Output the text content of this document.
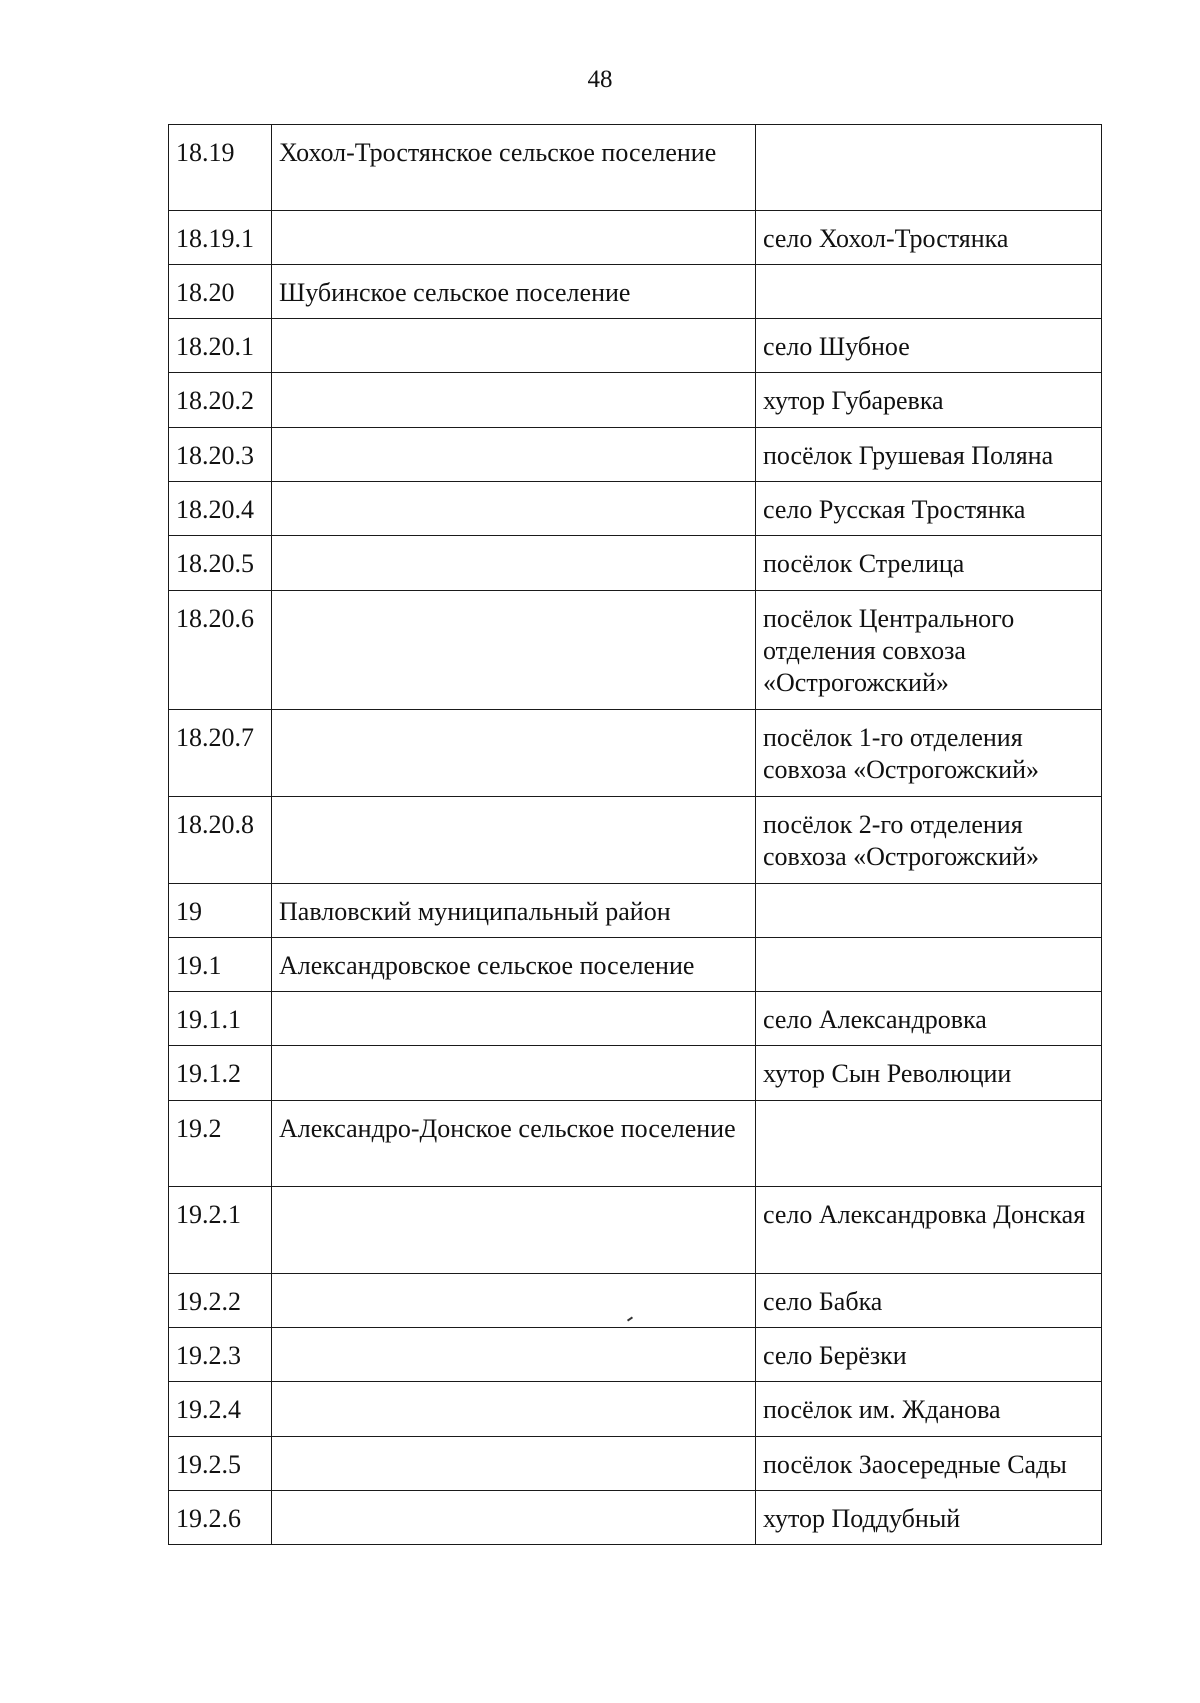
48
18.19	Хохол-Тростянское сельское поселение	
18.19.1		село Хохол-Тростянка
18.20	Шубинское сельское поселение	
18.20.1		село Шубное
18.20.2		хутор Губаревка
18.20.3		посёлок Грушевая Поляна
18.20.4		село Русская Тростянка
18.20.5		посёлок Стрелица
18.20.6		посёлок Центрального отделения совхоза «Острогожский»
18.20.7		посёлок 1-го отделения совхоза «Острогожский»
18.20.8		посёлок 2-го отделения совхоза «Острогожский»
19	Павловский муниципальный район	
19.1	Александровское сельское поселение	
19.1.1		село Александровка
19.1.2		хутор Сын Революции
19.2	Александро-Донское сельское поселение	
19.2.1		село Александровка Донская
19.2.2		село Бабка
19.2.3		село Берёзки
19.2.4		посёлок им. Жданова
19.2.5		посёлок Заосередные Сады
19.2.6		хутор Поддубный
